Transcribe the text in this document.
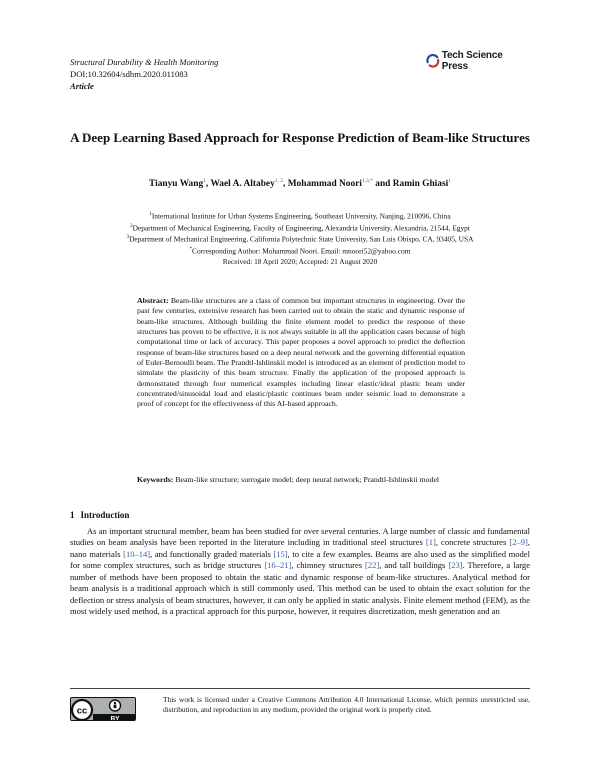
Structural Durability & Health Monitoring
DOI:10.32604/sdhm.2020.011083
Article
Tech Science Press
A Deep Learning Based Approach for Response Prediction of Beam-like Structures
Tianyu Wang$^1$, Wael A. Altabey$^{1, 2}$, Mohammad Noori$^{1,3,*}$ and Ramin Ghiasi$^1$
$^1$International Institute for Urban Systems Engineering, Southeast University, Nanjing, 210096, China
$^2$Department of Mechanical Engineering, Faculty of Engineering, Alexandria University, Alexandria, 21544, Egypt
$^3$Department of Mechanical Engineering, California Polytechnic State University, San Luis Obispo, CA, 93405, USA
*Corresponding Author: Mohammad Noori. Email: mnoori52@yahoo.com
Received: 18 April 2020; Accepted: 21 August 2020
Abstract: Beam-like structures are a class of common but important structures in engineering. Over the past few centuries, extensive research has been carried out to obtain the static and dynamic response of beam-like structures. Although building the finite element model to predict the response of these structures has proven to be effective, it is not always suitable in all the application cases because of high computational time or lack of accuracy. This paper proposes a novel approach to predict the deflection response of beam-like structures based on a deep neural network and the governing differential equation of Euler-Bernoulli beam. The Prandtl-Ishlinskii model is introduced as an element of prediction model to simulate the plasticity of this beam structure. Finally the application of the proposed approach is demonstrated through four numerical examples including linear elastic/ideal plastic beam under concentrated/sinusoidal load and elastic/plastic continues beam under seismic load to demonstrate a proof of concept for the effectiveness of this AI-based approach.
Keywords: Beam-like structure; surrogate model; deep neural network; Prandtl-Ishlinskii model
1 Introduction
As an important structural member, beam has been studied for over several centuries. A large number of classic and fundamental studies on beam analysis have been reported in the literature including in traditional steel structures [1], concrete structures [2–9], nano materials [10–14], and functionally graded materials [15], to cite a few examples. Beams are also used as the simplified model for some complex structures, such as bridge structures [16–21], chimney structures [22], and tall buildings [23]. Therefore, a large number of methods have been proposed to obtain the static and dynamic response of beam-like structures. Analytical method for beam analysis is a traditional approach which is still commonly used. This method can be used to obtain the exact solution for the deflection or stress analysis of beam structures, however, it can only be applied in static analysis. Finite element method (FEM), as the most widely used method, is a practical approach for this purpose, however, it requires discretization, mesh generation and an
cc
BY
This work is licensed under a Creative Commons Attribution 4.0 International License, which permits unrestricted use, distribution, and reproduction in any medium, provided the original work is properly cited.
